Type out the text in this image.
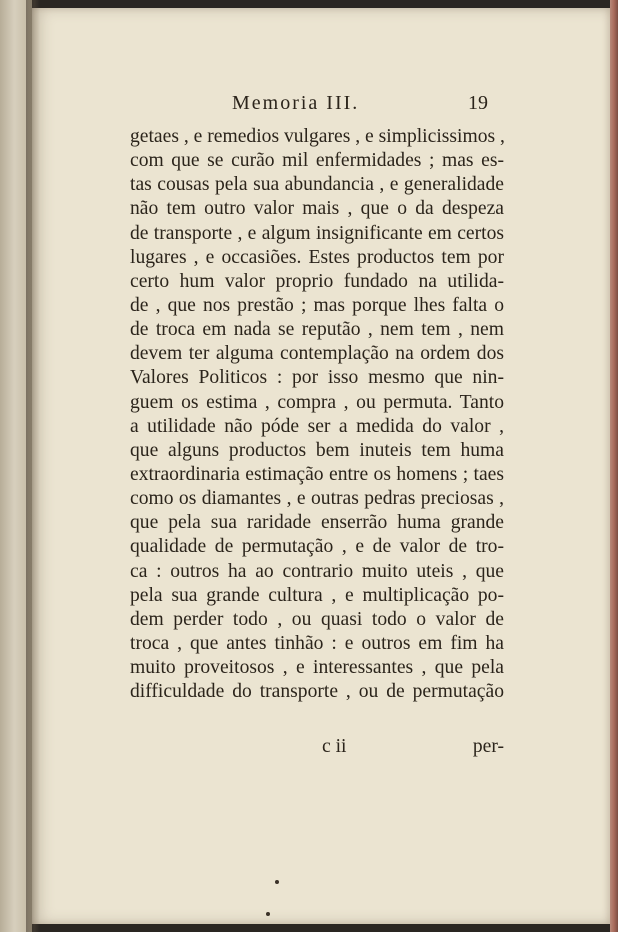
Memoria III.	19
getaes , e remedios vulgares , e simplicissimos ,
com que se curão mil enfermidades ; mas es-
tas cousas pela sua abundancia , e generalidade
não tem outro valor mais , que o da despeza
de transporte , e algum insignificante em certos
lugares , e occasiões. Estes productos tem por
certo hum valor proprio fundado na utilida-
de , que nos prestão ; mas porque lhes falta o
de troca em nada se reputão , nem tem , nem
devem ter alguma contemplação na ordem dos
Valores Politicos : por isso mesmo que nin-
guem os estima , compra , ou permuta. Tanto
a utilidade não póde ser a medida do valor ,
que alguns productos bem inuteis tem huma
extraordinaria estimação entre os homens ; taes
como os diamantes , e outras pedras preciosas ,
que pela sua raridade enserrão huma grande
qualidade de permutação , e de valor de tro-
ca : outros ha ao contrario muito uteis , que
pela sua grande cultura , e multiplicação po-
dem perder todo , ou quasi todo o valor de
troca , que antes tinhão : e outros em fim ha
muito proveitosos , e interessantes , que pela
difficuldade do transporte , ou de permutação
c ii	per-
